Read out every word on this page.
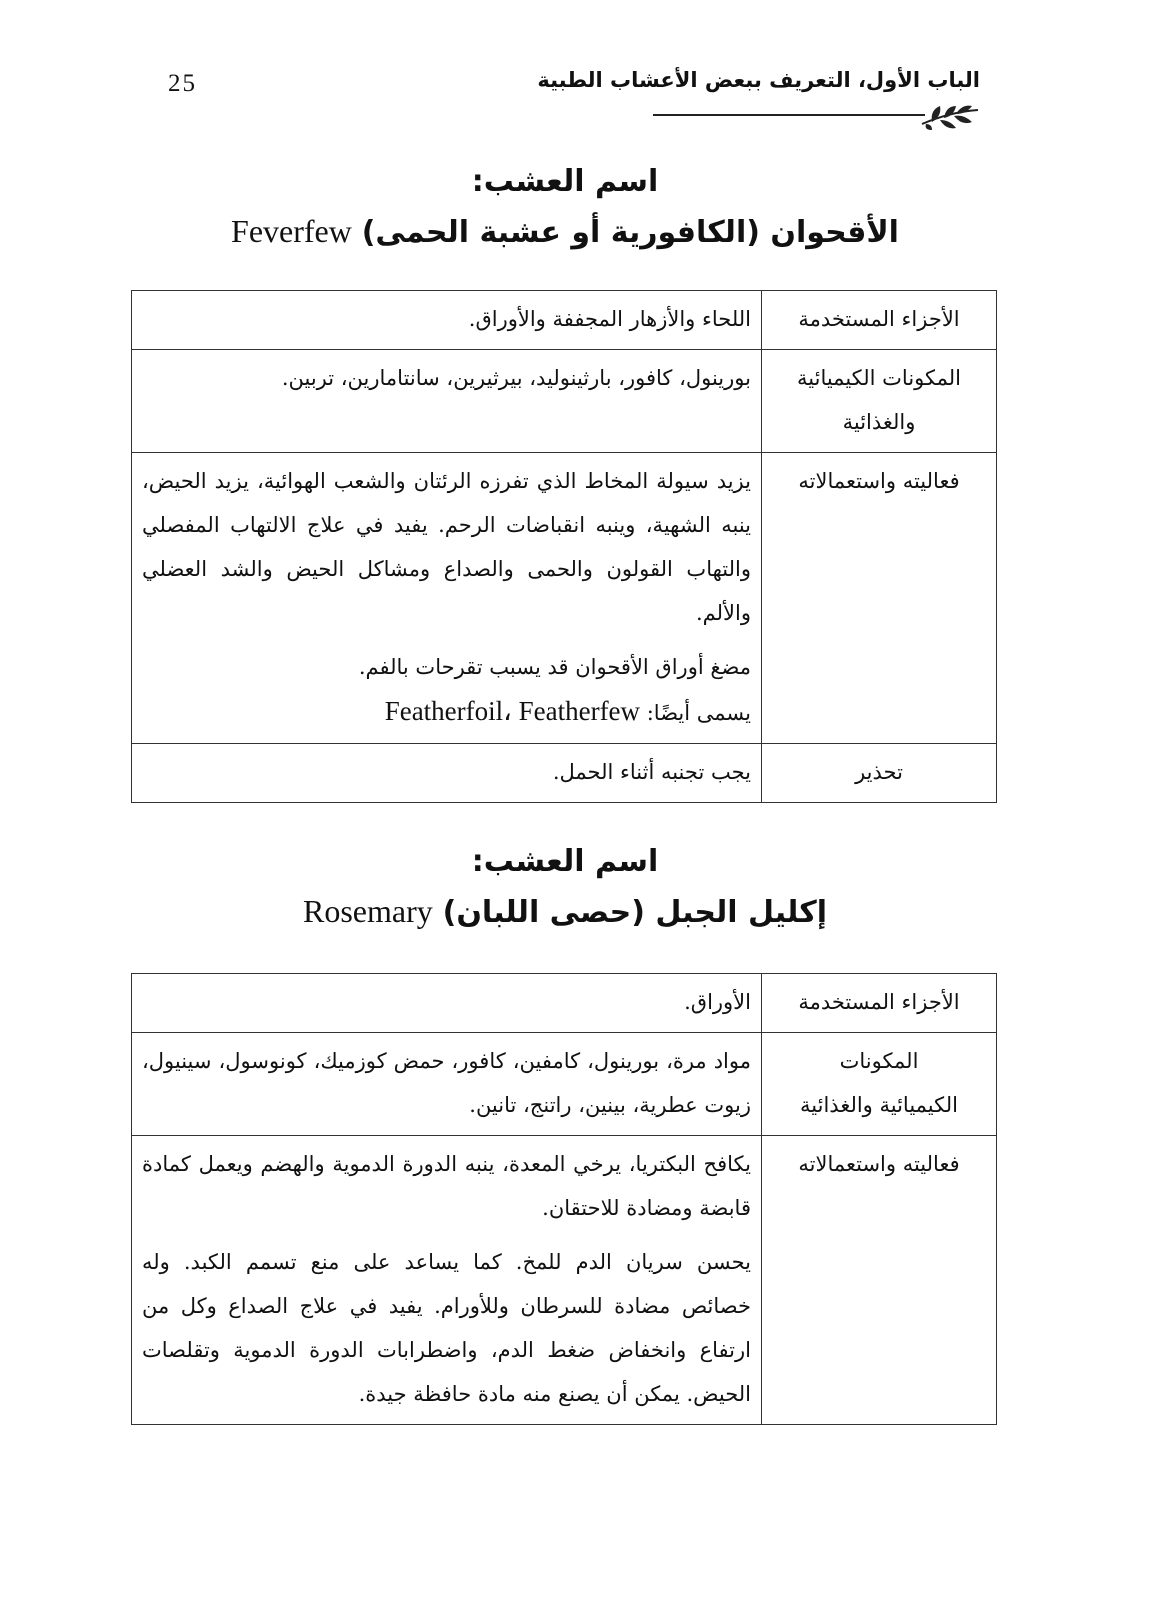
25	الباب الأول، التعريف ببعض الأعشاب الطبية
اسم العشب:
الأقحوان (الكافورية أو عشبة الحمى) Feverfew
الأجزاء المستخدمة	اللحاء والأزهار المجففة والأوراق.

المكونات الكيميائية
والغذائية	بورينول، كافور، بارثينوليد، بيرثيرين، سانتامارين، تربين.
فعاليته واستعمالاته	يزيد سيولة المخاط الذي تفرزه الرئتان والشعب الهوائية، يزيد الحيض، ينبه الشهية، وينبه انقباضات الرحم. يفيد في علاج الالتهاب المفصلي والتهاب القولون والحمى والصداع ومشاكل الحيض والشد العضلي والألم.
مضغ أوراق الأقحوان قد يسبب تقرحات بالفم.
يسمى أيضًا: Featherfoil، Featherfew

تحذير	يجب تجنبه أثناء الحمل.
اسم العشب:
إكليل الجبل (حصى اللبان) Rosemary
الأجزاء المستخدمة	الأوراق.

المكونات
الكيميائية والغذائية	مواد مرة، بورينول، كامفين، كافور، حمض كوزميك، كونوسول، سينيول، زيوت عطرية، بينين، راتنج، تانين.
فعاليته واستعمالاته	يكافح البكتريا، يرخي المعدة، ينبه الدورة الدموية والهضم ويعمل كمادة قابضة ومضادة للاحتقان.
يحسن سريان الدم للمخ. كما يساعد على منع تسمم الكبد. وله خصائص مضادة للسرطان وللأورام. يفيد في علاج الصداع وكل من ارتفاع وانخفاض ضغط الدم، واضطرابات الدورة الدموية وتقلصات الحيض. يمكن أن يصنع منه مادة حافظة جيدة.
